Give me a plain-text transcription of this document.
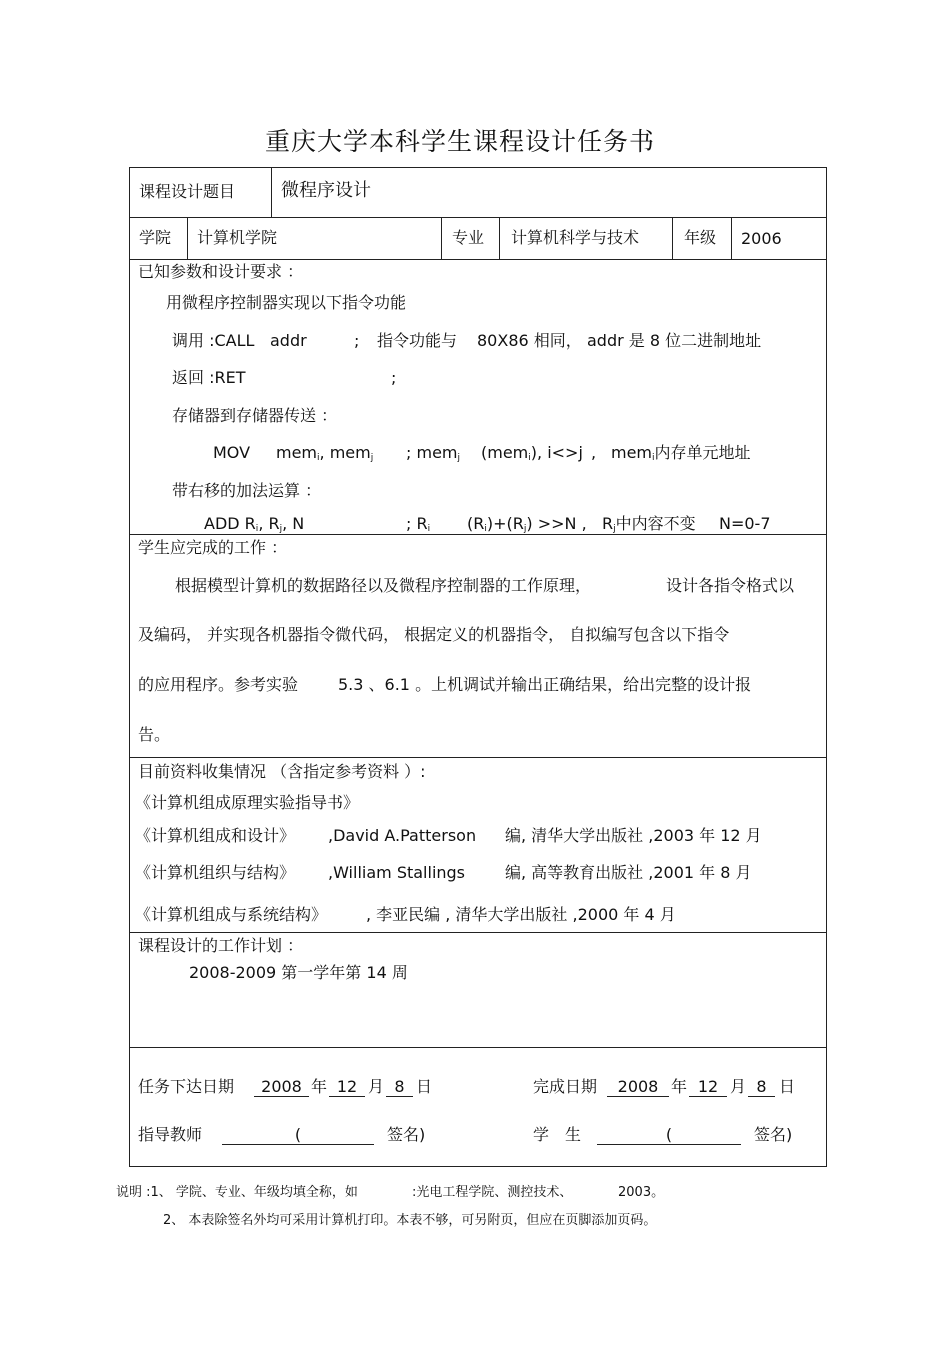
重庆大学本科学生课程设计任务书
课程设计题目	微程序设计
学院 计算机学院	专业 计算机科学与技术	年级 2006
已知参数和设计要求 ：
用微程序控制器实现以下指令功能
调用 :CALL addr	; 指令功能与 80X86 相同， addr 是 8 位二进制地址
返回 :RET	;
存储器到存储器传送 ：
MOV mem$_i$, mem$_j$ ; mem$_j$ (mem$_i$), i<>j , mem$_i$内存单元地址
带右移的加法运算 ：
ADD $R_i$, $R_j$, N	; $R_i$ $(R_i)+(R_j) >>N$ , $R_j$中内容不变 N=0-7
学生应完成的工作 ：
根据模型计算机的数据路径以及微程序控制器的工作原理，	设计各指令格式以
及编码， 并实现各机器指令微代码， 根据定义的机器指令， 自拟编写包含以下指令
的应用程序。参考实验 5.3 、6.1 。上机调试并输出正确结果，给出完整的设计报
告。
目前资料收集情况 （含指定参考资料 ）:
《计算机组成原理实验指导书》
《计算机组成和设计》 ,David A.Patterson 编, 清华大学出版社 ,2003 年 12 月
《计算机组织与结构》 ,William Stallings 编, 高等教育出版社 ,2001 年 8 月
《计算机组成与系统结构》 , 李亚民编 , 清华大学出版社 ,2000 年 4 月
课程设计的工作计划 ：
2008-2009 第一学年第 14 周
任务下达日期	2008 年 12 月 8 日	完成日期	2008 年 12 月 8 日
指导教师	(	签名)	学　生	(	签名)
说明 :1、 学院、专业、年级均填全称，如	:光电工程学院、测控技术、	2003。
2、 本表除签名外均可采用计算机打印。本表不够，可另附页，但应在页脚添加页码。
